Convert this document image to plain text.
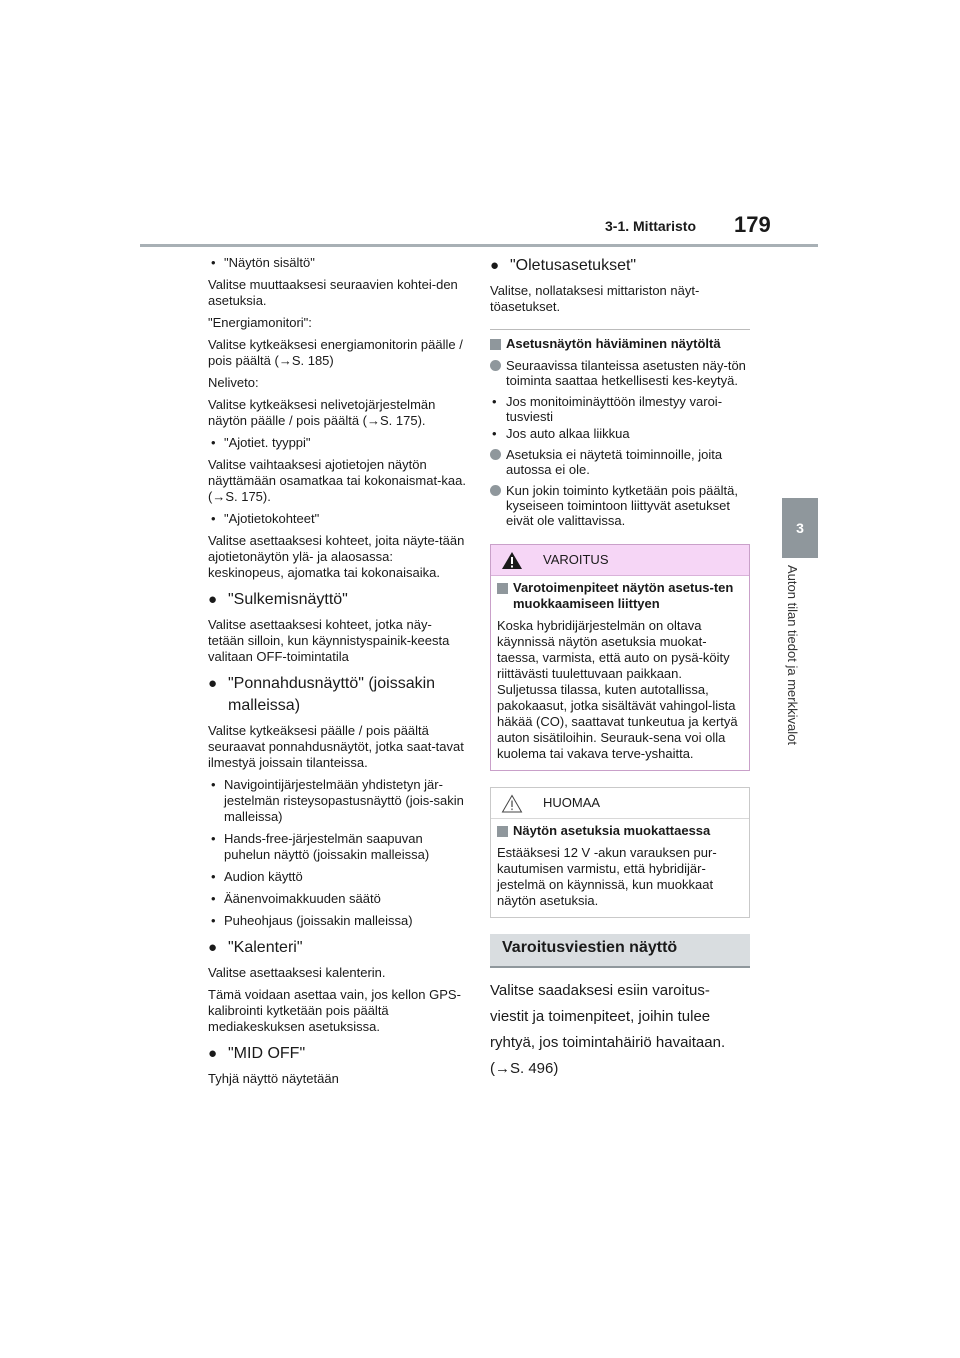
3-1. Mittaristo 179
3
Auton tilan tiedot ja merkkivalot
• "Näytön sisältö"

Valitse muuttaaksesi seuraavien kohtei-den asetuksia.

"Energiamonitori":

Valitse kytkeäksesi energiamonitorin päälle / pois päältä (→S. 185)

Neliveto:

Valitse kytkeäksesi nelivetojärjestelmän näytön päälle / pois päältä (→S. 175).

• "Ajotiet. tyyppi"

Valitse vaihtaaksesi ajotietojen näytön näyttämään osamatkaa tai kokonaismat-kaa. (→S. 175).

• "Ajotietokohteet"

Valitse asettaaksesi kohteet, joita näyte-tään ajotietonäytön ylä- ja alaosassa: keskinopeus, ajomatka tai kokonaisaika.

● "Sulkemisnäyttö"

Valitse asettaaksesi kohteet, jotka näy-tetään silloin, kun käynnistyspainik-keesta valitaan OFF-toimintatila

● "Ponnahdusnäyttö" (joissakin
malleissa)

Valitse kytkeäksesi päälle / pois päältä seuraavat ponnahdusnäytöt, jotka saat-tavat ilmestyä joissain tilanteissa.

• Navigointijärjestelmään yhdistetyn jär-jestelmän risteysopastusnäyttö (jois-sakin malleissa)
• Hands-free-järjestelmän saapuvan puhelun näyttö (joissakin malleissa)
• Audion käyttö
• Äänenvoimakkuuden säätö
• Puheohjaus (joissakin malleissa)
● "Kalenteri"

Valitse asettaaksesi kalenterin.

Tämä voidaan asettaa vain, jos kellon GPS-kalibrointi kytketään pois päältä mediakeskuksen asetuksissa.

● "MID OFF"

Tyhjä näyttö näytetään

● "Oletusasetukset"

Valitse, nollataksesi mittariston näyt-töasetukset.

Asetusnäytön häviäminen näytöltä
Seuraavissa tilanteissa asetusten näy-tön toiminta saattaa hetkellisesti kes-keytyä.
• Jos monitoiminäyttöön ilmestyy varoi-tusviesti
• Jos auto alkaa liikkua
Asetuksia ei näytetä toiminnoille, joita autossa ei ole.
Kun jokin toiminto kytketään pois päältä, kyseiseen toimintoon liittyvät asetukset eivät ole valittavissa.
VAROITUS
Varotoimenpiteet näytön asetus-ten muokkaamiseen liittyen

Koska hybridijärjestelmän on oltava käynnissä näytön asetuksia muokat-taessa, varmista, että auto on pysä-köity riittävästi tuulettuvaan paikkaan. Suljetussa tilassa, kuten autotallissa, pakokaasut, jotka sisältävät vahingol-lista häkää (CO), saattavat tunkeutua ja kertyä auton sisätiloihin. Seurauk-sena voi olla kuolema tai vakava terve-yshaitta.

HUOMAA
Näytön asetuksia muokattaessa

Estääksesi 12 V -akun varauksen pur-kautumisen varmistu, että hybridijär-jestelmä on käynnissä, kun muokkaat näytön asetuksia.

Varoitusviestien näyttö

Valitse saadaksesi esiin varoitus-

viestit ja toimenpiteet, joihin tulee

ryhtyä, jos toimintahäiriö havaitaan.

(→S. 496)
